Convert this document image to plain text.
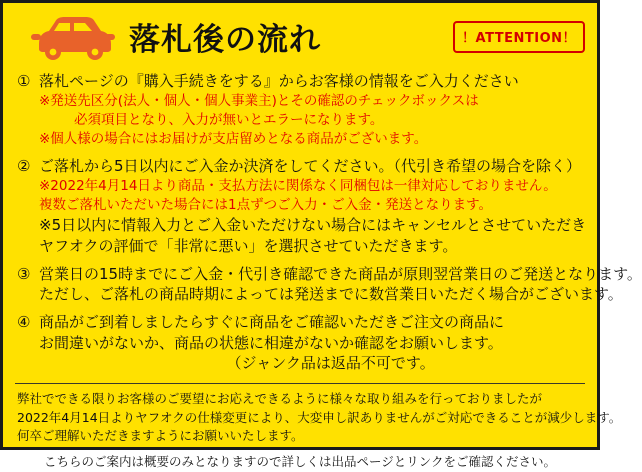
落札後の流れ	！ATTENTION！
① 落札ページの『購入手続きをする』からお客様の情報をご入力ください
※発送先区分(法人・個人・個人事業主)とその確認のチェックボックスは
必須項目となり、入力が無いとエラーになります。
※個人様の場合にはお届けが支店留めとなる商品がございます。
② ご落札から5日以内にご入金か決済をしてください。（代引き希望の場合を除く）
※2022年4月14日より商品・支払方法に関係なく同梱包は一律対応しておりません。
複数ご落札いただいた場合には1点ずつご入力・ご入金・発送となります。
※5日以内に情報入力とご入金いただけない場合にはキャンセルとさせていただき
ヤフオクの評価で「非常に悪い」を選択させていただきます。
③ 営業日の15時までにご入金・代引き確認できた商品が原則翌営業日のご発送となります。
ただし、ご落札の商品時期によっては発送までに数営業日いただく場合がございます。
④ 商品がご到着しましたらすぐに商品をご確認いただきご注文の商品に
お間違いがないか、商品の状態に相違がないか確認をお願いします。
　　　　　　　　　　　　　（ジャンク品は返品不可です。
弊社でできる限りお客様のご要望にお応えできるように様々な取り組みを行っておりましたが
2022年4月14日よりヤフオクの仕様変更により、大変申し訳ありませんがご対応できることが減少します。
何卒ご理解いただきますようにお願いいたします。
こちらのご案内は概要のみとなりますので詳しくは出品ページとリンクをご確認ください。
